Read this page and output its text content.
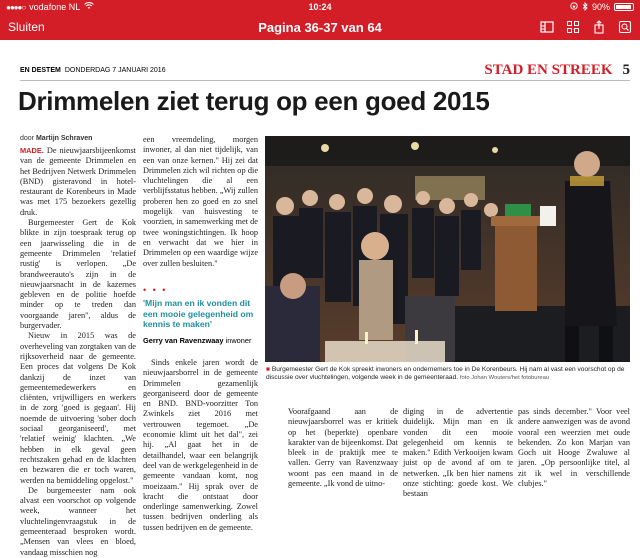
●●●●○ vodafone NL	10:24	90%
Sluiten	Pagina 36-37 van 64
EN DESTEM DONDERDAG 7 JANUARI 2016	STAD EN STREEK 5
Drimmelen ziet terug op een goed 2015
door Martijn Schraven

MADE. De nieuwjaarsbijeenkomst van de gemeente Drimmelen en het Bedrijven Netwerk Drimmelen (BND) gisteravond in hotel-restaurant de Korenbeurs in Made was met 175 bezoekers gezellig druk.

Burgemeester Gert de Kok blikte in zijn toespraak terug op een jaarwisseling die in de gemeente Drimmelen 'relatief rustig' is verlopen. „De brandweerauto's zijn in de nieuwjaarsnacht in de kazernes gebleven en de politie hoefde minder op te treden dan voorgaande jaren", aldus de burgervader.

Nieuw in 2015 was de overheveling van zorgtaken van de rijksoverheid naar de gemeente. Een proces dat volgens De Kok dankzij de inzet van gemeentemedewerkers en cliënten, vrijwilligers en werkers in de zorg 'goed is gegaan'. Hij noemde de uitvoering 'sober doch sociaal georganiseerd', met 'relatief weinig' klachten. „We hebben in elk geval geen rechtszaken gehad en de klachten en bezwaren die er toch waren, werden na bemiddeling opgelost."

De burgemeester nam ook alvast een voorschot op volgende week, wanneer het vluchtelingenvraagstuk in de gemeenteraad besproken wordt. „Mensen van vlees en bloed, vandaag misschien nog

een vreemdeling, morgen inwoner, al dan niet tijdelijk, van een van onze kernen." Hij zei dat Drimmelen zich wil richten op die vluchtelingen die al een verblijfsstatus hebben. „Wij zullen proberen hen zo goed en zo snel mogelijk van huisvesting te voorzien, in samenwerking met de twee woningstichtingen. Ik hoop en verwacht dat we hier in Drimmelen op een waardige wijze over zullen besluiten."

• • •
'Mijn man en ik vonden dit een mooie gelegenheid om kennis te maken'
Gerry van Ravenzwaay inwoner

Sinds enkele jaren wordt de nieuwjaarsborrel in de gemeente Drimmelen gezamenlijk georganiseerd door de gemeente en BND. BND-voorzitter Ton Zwinkels ziet 2016 met vertrouwen tegemoet. „De economie klimt uit het dal", zei hij. „Al gaat het in de detailhandel, waar een belangrijk deel van de werkgelegenheid in de gemeente vandaan komt, nog moeizaam." Hij sprak over de kracht die ontstaat door onderlinge samenwerking. Zowel tussen bedrijven onderling als tussen bedrijven en de gemeente.

■ Burgemeester Gert de Kok spreekt inwoners en ondernemers toe in De Korenbeurs. Hij nam al vast een voorschot op de discussie over vluchtelingen, volgende week in de gemeenteraad. foto Johan Wouters/het fotobureau

Voorafgaand aan de nieuwjaarsborrel was er kritiek op het (beperkte) openbare karakter van de bijeenkomst. Dat bleek in de praktijk mee te vallen. Gerry van Ravenzwaay woont pas een maand in de gemeente. „Ik vond de uitno-

diging in de advertentie duidelijk. Mijn man en ik vonden dit een mooie gelegenheid om kennis te maken." Edith Verkooijen kwam juist op de avond af om te netwerken. „Ik ben hier namens onze stichting: goede kost. We bestaan

pas sinds december." Voor veel andere aanwezigen was de avond vooral een weerzien met oude bekenden. Zo kon Marjan van Goch uit Hooge Zwaluwe al jaren. „Op persoonlijke titel, al zit ik wel in verschillende clubjes."
